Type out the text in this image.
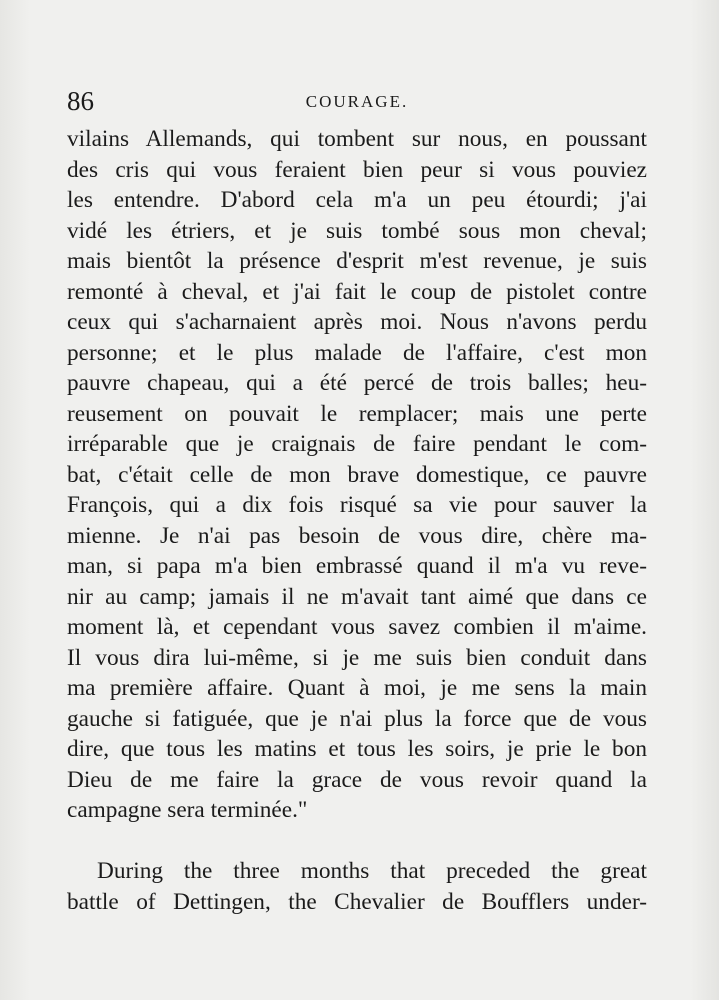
86	COURAGE.
vilains Allemands, qui tombent sur nous, en poussant
des cris qui vous feraient bien peur si vous pouviez
les entendre. D'abord cela m'a un peu étourdi; j'ai
vidé les étriers, et je suis tombé sous mon cheval;
mais bientôt la présence d'esprit m'est revenue, je suis
remonté à cheval, et j'ai fait le coup de pistolet contre
ceux qui s'acharnaient après moi. Nous n'avons perdu
personne; et le plus malade de l'affaire, c'est mon
pauvre chapeau, qui a été percé de trois balles; heu-
reusement on pouvait le remplacer; mais une perte
irréparable que je craignais de faire pendant le com-
bat, c'était celle de mon brave domestique, ce pauvre
François, qui a dix fois risqué sa vie pour sauver la
mienne. Je n'ai pas besoin de vous dire, chère ma-
man, si papa m'a bien embrassé quand il m'a vu reve-
nir au camp; jamais il ne m'avait tant aimé que dans ce
moment là, et cependant vous savez combien il m'aime.
Il vous dira lui-même, si je me suis bien conduit dans
ma première affaire. Quant à moi, je me sens la main
gauche si fatiguée, que je n'ai plus la force que de vous
dire, que tous les matins et tous les soirs, je prie le bon
Dieu de me faire la grace de vous revoir quand la
campagne sera terminée."
During the three months that preceded the great
battle of Dettingen, the Chevalier de Boufflers under-
